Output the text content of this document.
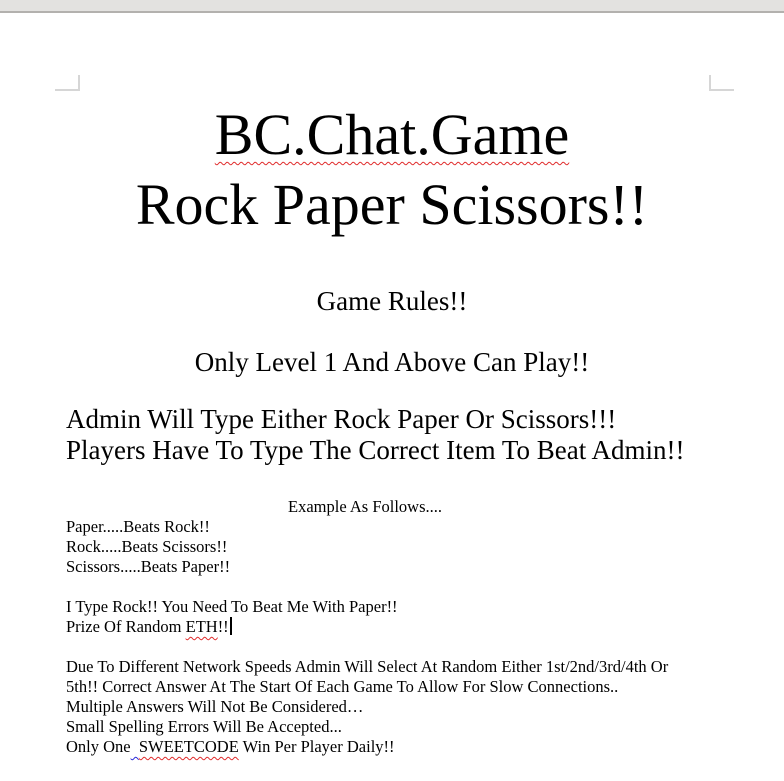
BC.Chat.Game

Rock Paper Scissors!!

Game Rules!!

Only Level 1 And Above Can Play!!

Admin Will Type Either Rock Paper Or Scissors!!!

Players Have To Type The Correct Item To Beat Admin!!

Example As Follows....

Paper.....Beats Rock!!

Rock.....Beats Scissors!!

Scissors.....Beats Paper!!

I Type Rock!! You Need To Beat Me With Paper!!

Prize Of Random ETH!!

Due To Different Network Speeds Admin Will Select At Random Either 1st/2nd/3rd/4th Or

5th!! Correct Answer At The Start Of Each Game To Allow For Slow Connections..

Multiple Answers Will Not Be Considered…

Small Spelling Errors Will Be Accepted...

Only One SWEETCODE Win Per Player Daily!!
